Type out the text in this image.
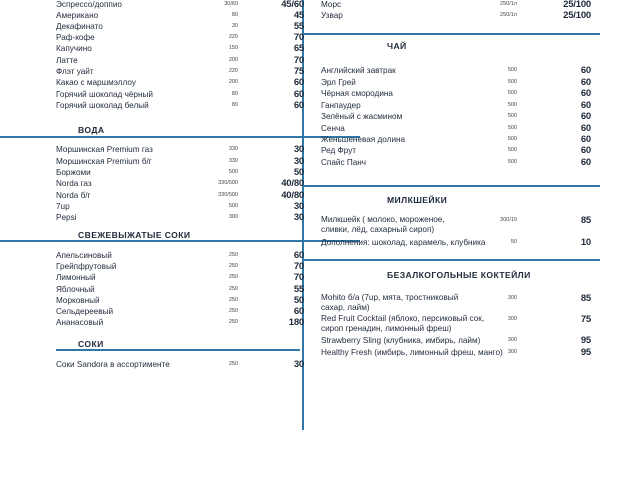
Эспрессо/доппио	30/60	45/60
Американо	80	45
Декафинато	30	55
Раф-кофе	220	70
Капучино	150	65
Латте	200	70
Флэт уайт	220	75
Какао с маршмэллоу	200	60
Горячий шоколад чёрный	80	60
Горячий шоколад белый	80	60
ВОДА
Моршинская Premium газ	330	30
Моршинская Premium б/г	330	30
Боржоми	500	50
Norda газ	330/500	40/80
Norda б/г	330/500	40/80
7up	500	30
Pepsi	300	30
СВЕЖЕВЫЖАТЫЕ СОКИ
Апельсиновый	250	60
Грейпфрутовый	250	70
Лимонный	250	70
Яблочный	250	55
Морковный	250	50
Сельдереевый	250	60
Ананасовый	250	180
СОКИ
Соки Sandora в ассортименте	250	30
Морс	250/1л	25/100
Узвар	250/1л	25/100
ЧАЙ
Английский завтрак	500	60
Эрл Грей	500	60
Чёрная смородина	500	60
Ганпаудер	500	60
Зелёный с жасмином	500	60
Сенча	500	60
Женьшеневая долина	500	60
Ред Фрут	500	60
Спайс Панч	500	60
МИЛКШЕЙКИ
Милкшейк ( молоко, мороженое, сливки, лёд, сахарный сироп)
300/10	85
Дополнения: шоколад, карамель, клубника	50	10
БЕЗАЛКОГОЛЬНЫЕ КОКТЕЙЛИ
Mohito б/а (7up, мята, тростниковый сахар, лайм)
300	85
Red Fruit Cocktail (яблоко, персиковый сок, сироп гренадин, лимонный фреш)
300	75
Strawberry Sling (клубника, имбирь, лайм)	300	95
Healthy Fresh (имбирь, лимонный фреш, манго) 300	95
